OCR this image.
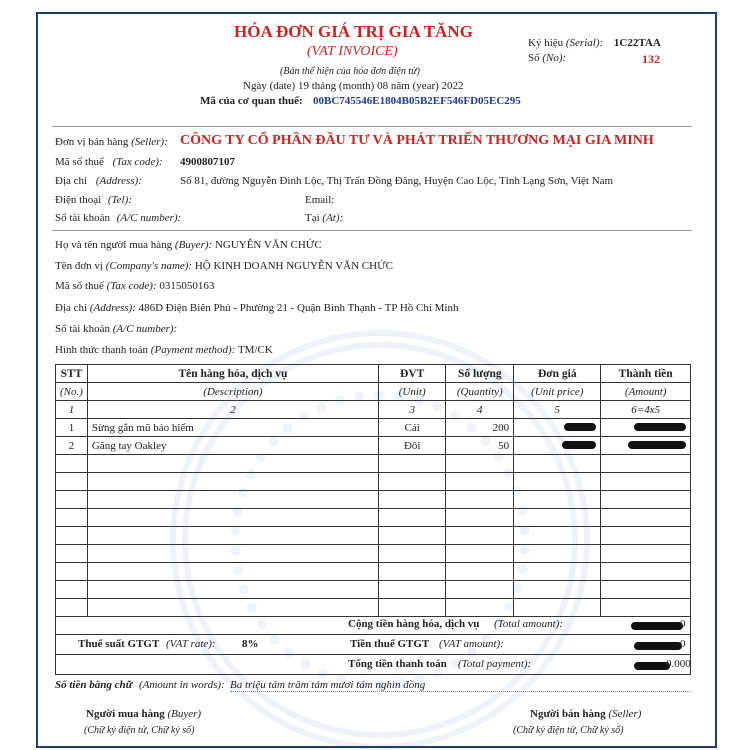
HÓA ĐƠN GIÁ TRỊ GIA TĂNG
(VAT INVOICE)
(Bản thể hiện của hóa đơn điện tử)
Ngày (date) 19 tháng (month) 08 năm (year) 2022
Mã của cơ quan thuế: 00BC745546E1804B05B2EF546FD05EC295
Ký hiệu (Serial): 1C22TAA
Số (No):	132
Đơn vị bán hàng (Seller): CÔNG TY CỔ PHẦN ĐẦU TƯ VÀ PHÁT TRIỂN THƯƠNG MẠI GIA MINH
Mã số thuế (Tax code): 4900807107
Địa chỉ (Address):	Số 81, đường Nguyễn Đình Lộc, Thị Trấn Đồng Đăng, Huyện Cao Lộc, Tỉnh Lạng Sơn, Việt Nam
Điện thoại (Tel):	Email:
Số tài khoản (A/C number):	Tại (At):
Họ và tên người mua hàng (Buyer): NGUYỄN VĂN CHỨC
Tên đơn vị (Company's name): HỘ KINH DOANH NGUYỄN VĂN CHỨC
Mã số thuế (Tax code): 0315050163
Địa chỉ (Address): 486D Điện Biên Phủ - Phường 21 - Quận Bình Thạnh - TP Hồ Chí Minh
Số tài khoản (A/C number):
Hình thức thanh toán (Payment method): TM/CK
STT	Tên hàng hóa, dịch vụ	ĐVT	Số lượng	Đơn giá	Thành tiền
(No.)	(Description)	(Unit)	(Quantity)	(Unit price)	(Amount)
1	2	3	4	5	6=4x5
1	Sừng gắn mũ bảo hiểm	Cái	200		
2	Găng tay Oakley	Đôi	50		

Cộng tiền hàng hóa, dịch vụ (Total amount):	0
Thuế suất GTGT (VAT rate): 8%	Tiền thuế GTGT (VAT amount):	0
Tổng tiền thanh toán (Total payment):	0.000
Số tiền bằng chữ (Amount in words): Ba triệu tám trăm tám mươi tám nghìn đồng
Người mua hàng (Buyer)
(Chữ ký điện tử, Chữ ký số)
Người bán hàng (Seller)
(Chữ ký điện tử, Chữ ký số)
